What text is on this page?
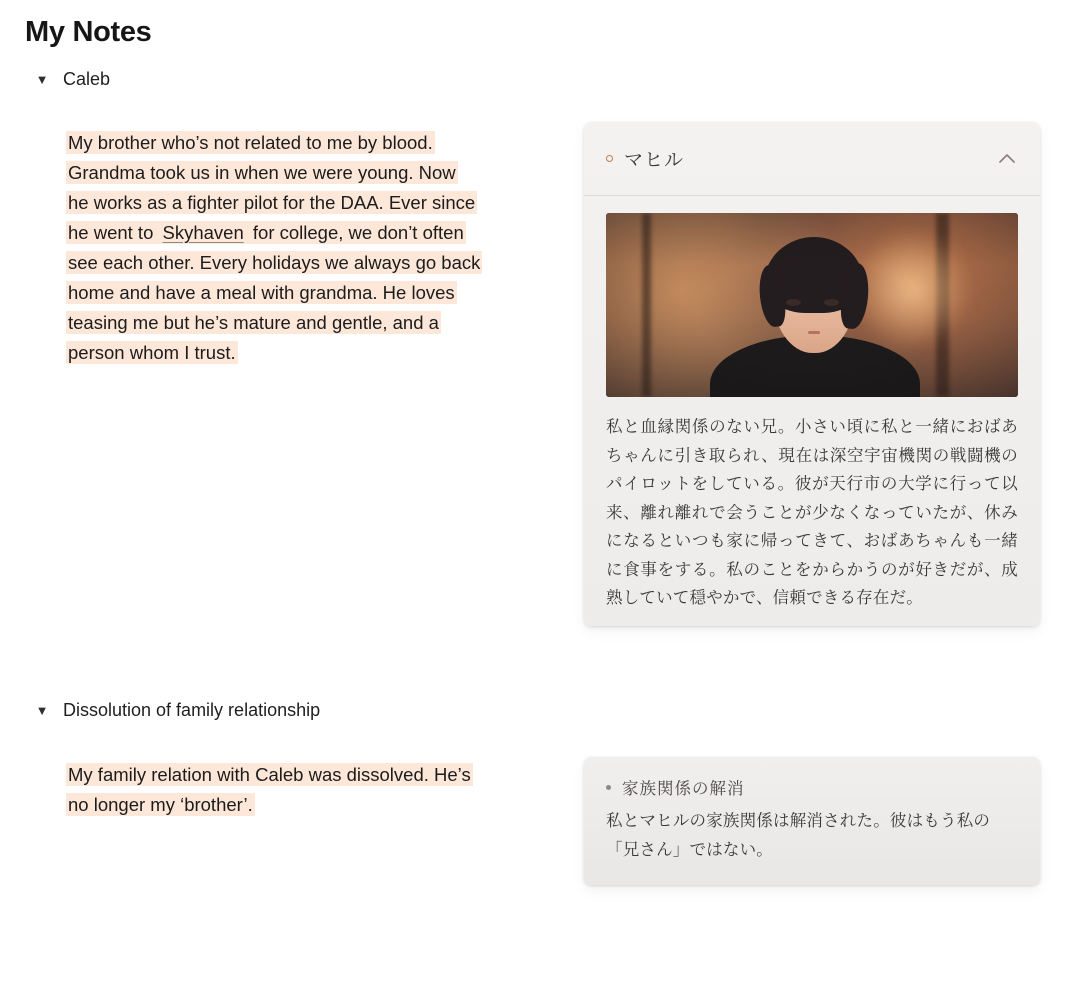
My Notes
▼ Caleb
My brother who’s not related to me by blood.
Grandma took us in when we were young. Now
he works as a fighter pilot for the DAA. Ever since
he went to Skyhaven for college, we don’t often
see each other. Every holidays we always go back
home and have a meal with grandma. He loves
teasing me but he’s mature and gentle, and a
person whom I trust.
マヒル
私と血縁関係のない兄。小さい頃に私と一緒におばあちゃんに引き取られ、現在は深空宇宙機関の戦闘機のパイロットをしている。彼が天行市の大学に行って以来、離れ離れで会うことが少なくなっていたが、休みになるといつも家に帰ってきて、おばあちゃんも一緒に食事をする。私のことをからかうのが好きだが、成熟していて穏やかで、信頼できる存在だ。
▼ Dissolution of family relationship
My family relation with Caleb was dissolved. He’s
no longer my ‘brother’.
家族関係の解消
私とマヒルの家族関係は解消された。彼はもう私の「兄さん」ではない。
